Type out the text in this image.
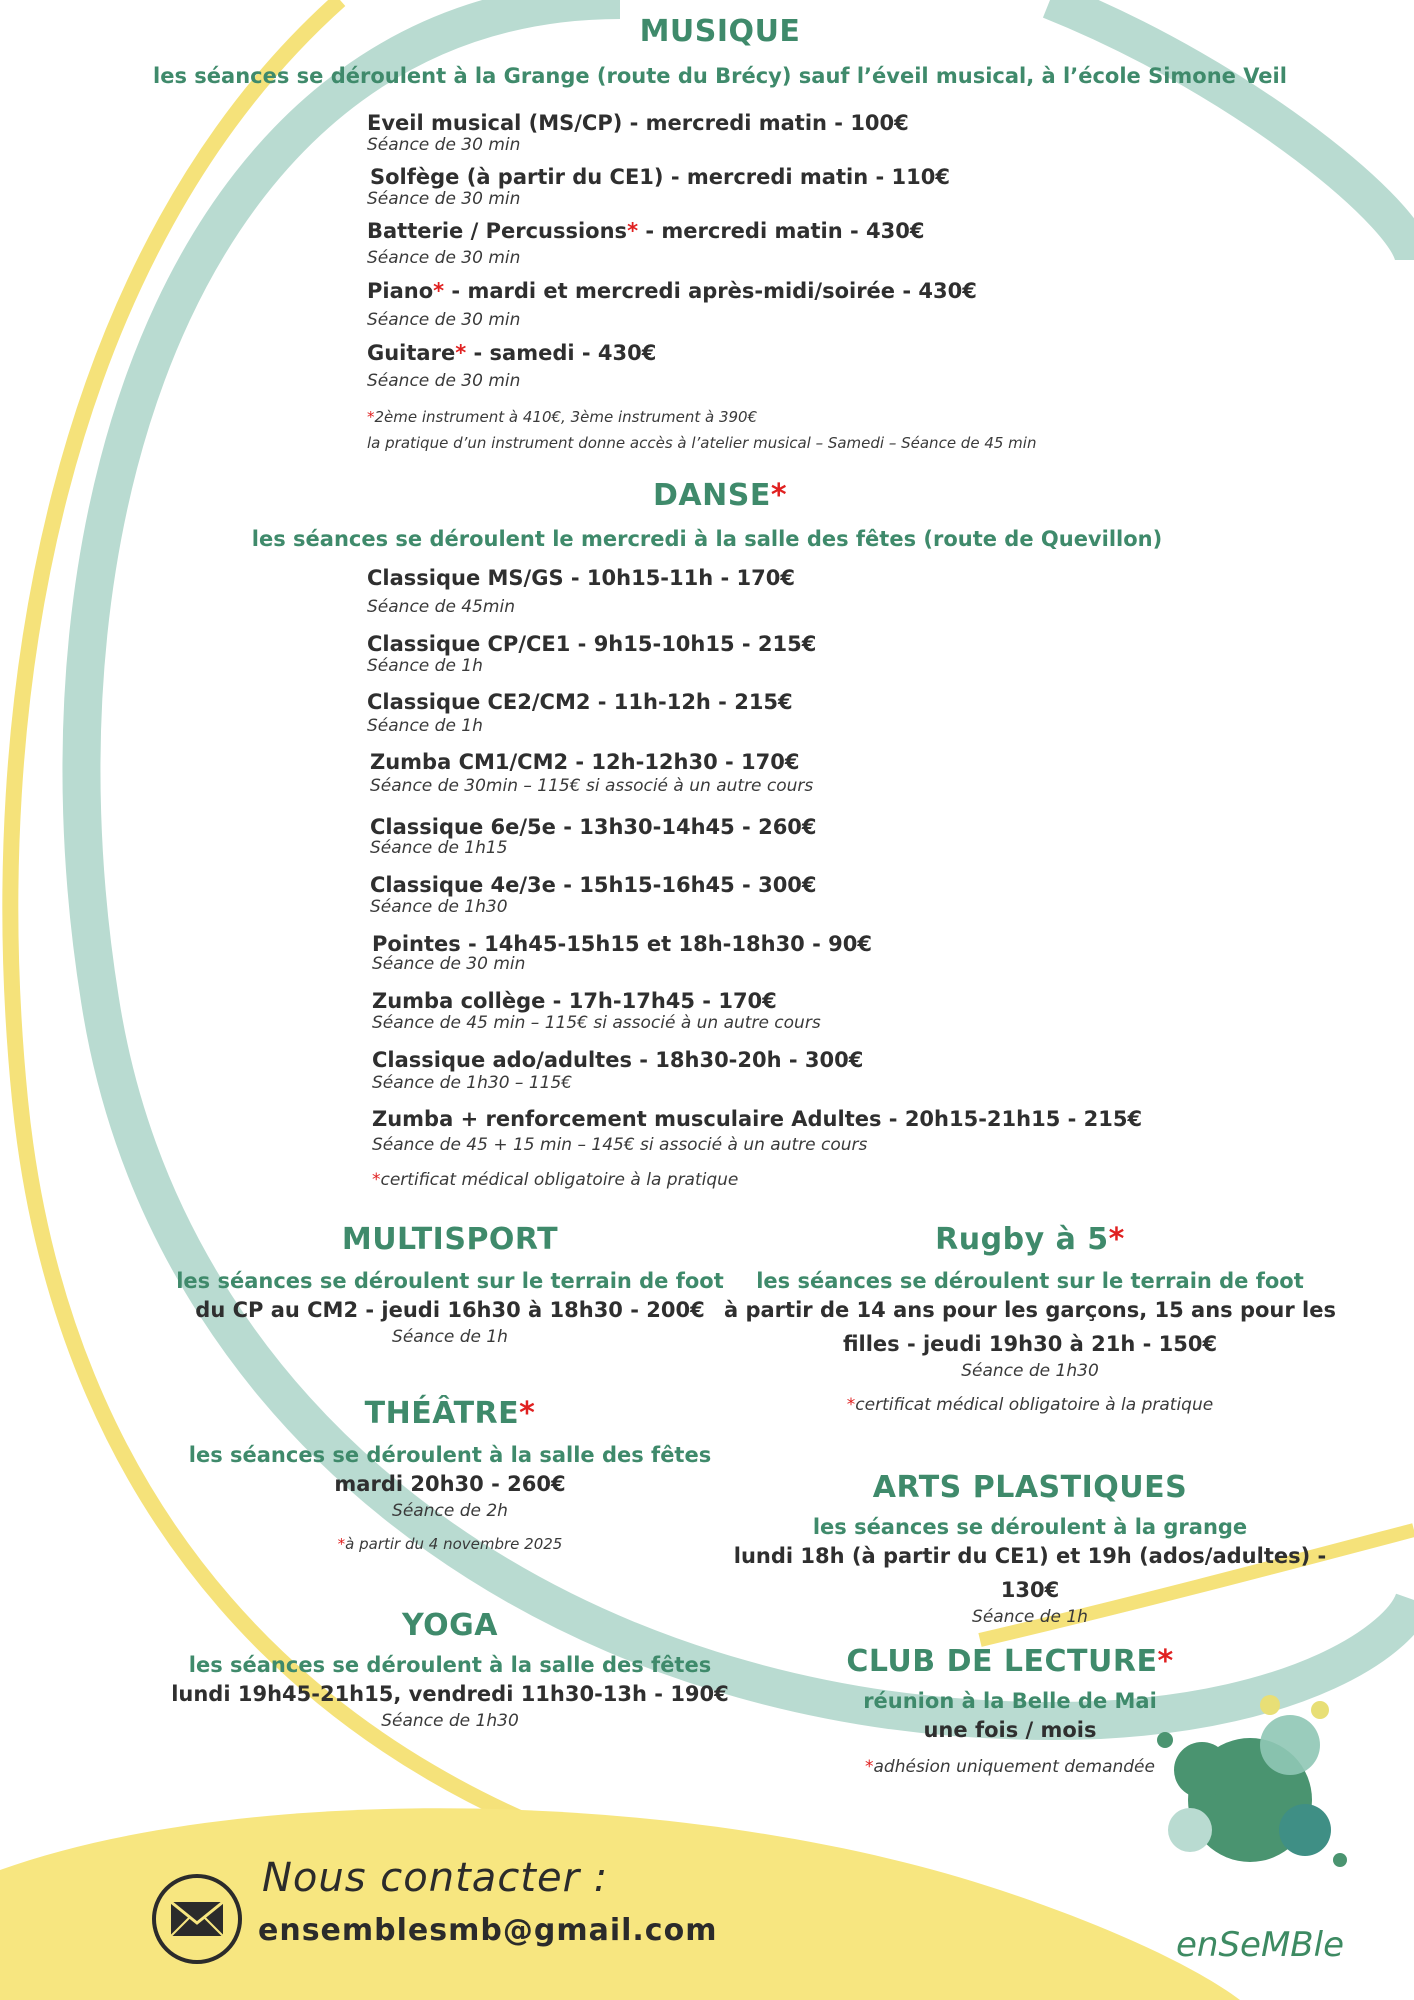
MUSIQUE
les séances se déroulent à la Grange (route du Brécy) sauf l’éveil musical, à l’école Simone Veil
Eveil musical (MS/CP) - mercredi matin - 100€
Séance de 30 min
Solfège (à partir du CE1) - mercredi matin - 110€
Séance de 30 min
Batterie / Percussions* - mercredi matin - 430€
Séance de 30 min
Piano* - mardi et mercredi après-midi/soirée - 430€
Séance de 30 min
Guitare* - samedi - 430€
Séance de 30 min
*2ème instrument à 410€, 3ème instrument à 390€
la pratique d’un instrument donne accès à l’atelier musical – Samedi – Séance de 45 min
DANSE*
les séances se déroulent le mercredi à la salle des fêtes (route de Quevillon)
Classique MS/GS - 10h15-11h - 170€
Séance de 45min
Classique CP/CE1 - 9h15-10h15 - 215€
Séance de 1h
Classique CE2/CM2 - 11h-12h - 215€
Séance de 1h
Zumba CM1/CM2 - 12h-12h30 - 170€
Séance de 30min – 115€ si associé à un autre cours
Classique 6e/5e - 13h30-14h45 - 260€
Séance de 1h15
Classique 4e/3e - 15h15-16h45 - 300€
Séance de 1h30
Pointes - 14h45-15h15 et 18h-18h30 - 90€
Séance de 30 min
Zumba collège - 17h-17h45 - 170€
Séance de 45 min – 115€ si associé à un autre cours
Classique ado/adultes - 18h30-20h - 300€
Séance de 1h30 – 115€
Zumba + renforcement musculaire Adultes - 20h15-21h15 - 215€
Séance de 45 + 15 min – 145€ si associé à un autre cours
*certificat médical obligatoire à la pratique
MULTISPORT
les séances se déroulent sur le terrain de foot
du CP au CM2 - jeudi 16h30 à 18h30 - 200€
Séance de 1h
Rugby à 5*
les séances se déroulent sur le terrain de foot
à partir de 14 ans pour les garçons, 15 ans pour les
filles - jeudi 19h30 à 21h - 150€
Séance de 1h30
*certificat médical obligatoire à la pratique
THÉÂTRE*
les séances se déroulent à la salle des fêtes
mardi 20h30 - 260€
Séance de 2h
*à partir du 4 novembre 2025
ARTS PLASTIQUES
les séances se déroulent à la grange
lundi 18h (à partir du CE1) et 19h (ados/adultes) - 130€
Séance de 1h
YOGA
les séances se déroulent à la salle des fêtes
lundi 19h45-21h15, vendredi 11h30-13h - 190€
Séance de 1h30
CLUB DE LECTURE*
réunion à la Belle de Mai
une fois / mois
*adhésion uniquement demandée
Nous contacter :
ensemblesmb@gmail.com	enSeMBle
